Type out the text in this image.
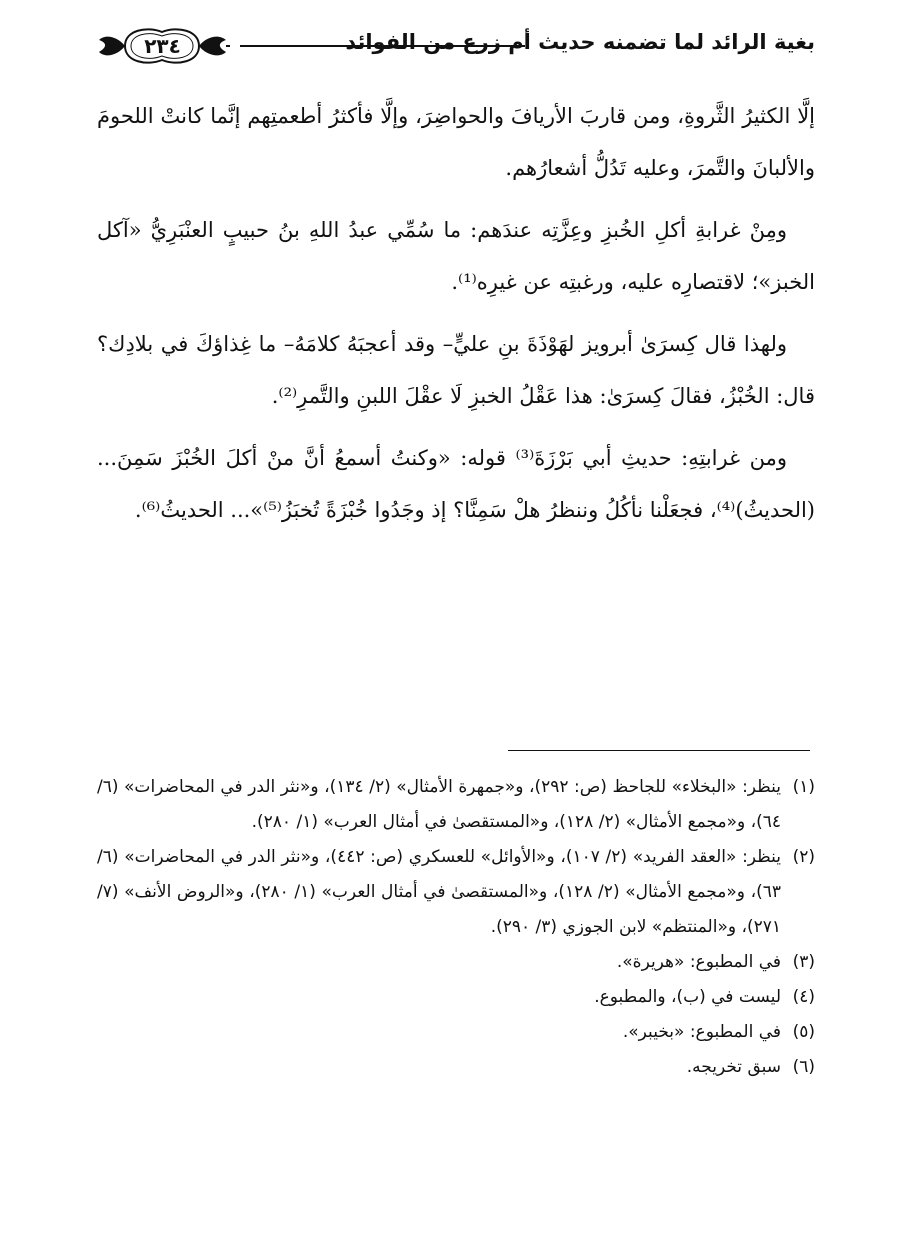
٢٣٤	بغية الرائد لما تضمنه حديث أم زرع من الفوائد

إلَّا الكثيرُ الثَّروةِ، ومن قاربَ الأريافَ والحواضِرَ، وإلَّا فأكثرُ أطعمتِهم إنَّما كانتْ اللحومَ والألبانَ والتَّمرَ، وعليه تَدُلُّ أشعارُهم.

ومِنْ غرابةِ أكلِ الخُبزِ وعِزَّتِه عندَهم: ما سُمِّي عبدُ اللهِ بنُ حبيبٍ العنْبَرِيُّ «آكل الخبز»؛ لاقتصارِه عليه، ورغبتِه عن غيرِه⁽¹⁾.

ولهذا قال كِسرَىٰ أبرويز لهَوْذَةَ بنِ عليٍّ– وقد أعجبَهُ كلامَهُ– ما غِذاؤكَ في بلادِك؟ قال: الخُبْزُ، فقالَ كِسرَىٰ: هذا عَقْلُ الخبزِ لَا عقْلَ اللبنِ والتَّمرِ⁽²⁾.

ومن غرابتِهِ: حديثِ أبي بَرْزَةَ⁽³⁾ قوله: «وكنتُ أسمعُ أنَّ منْ أكلَ الخُبْزَ سَمِنَ... (الحديثُ)⁽⁴⁾، فجعَلْنا نأكُلُ وننظرُ هلْ سَمِنَّا؟ إذ وجَدُوا خُبْزَةً تُخبَزُ⁽⁵⁾»... الحديثُ⁽⁶⁾.

(١)
ينظر: «البخلاء» للجاحظ (ص: ٢٩٢)، و«جمهرة الأمثال» (٢/ ١٣٤)، و«نثر الدر في المحاضرات» (٦/ ٦٤)، و«مجمع الأمثال» (٢/ ١٢٨)، و«المستقصىٰ في أمثال العرب» (١/ ٢٨٠).
(٢)
ينظر: «العقد الفريد» (٢/ ١٠٧)، و«الأوائل» للعسكري (ص: ٤٤٢)، و«نثر الدر في المحاضرات» (٦/ ٦٣)، و«مجمع الأمثال» (٢/ ١٢٨)، و«المستقصىٰ في أمثال العرب» (١/ ٢٨٠)، و«الروض الأنف» (٧/ ٢٧١)، و«المنتظم» لابن الجوزي (٣/ ٢٩٠).
(٣)
في المطبوع: «هريرة».
(٤)
ليست في (ب)، والمطبوع.
(٥)
في المطبوع: «بخيبر».
(٦)
سبق تخريجه.
